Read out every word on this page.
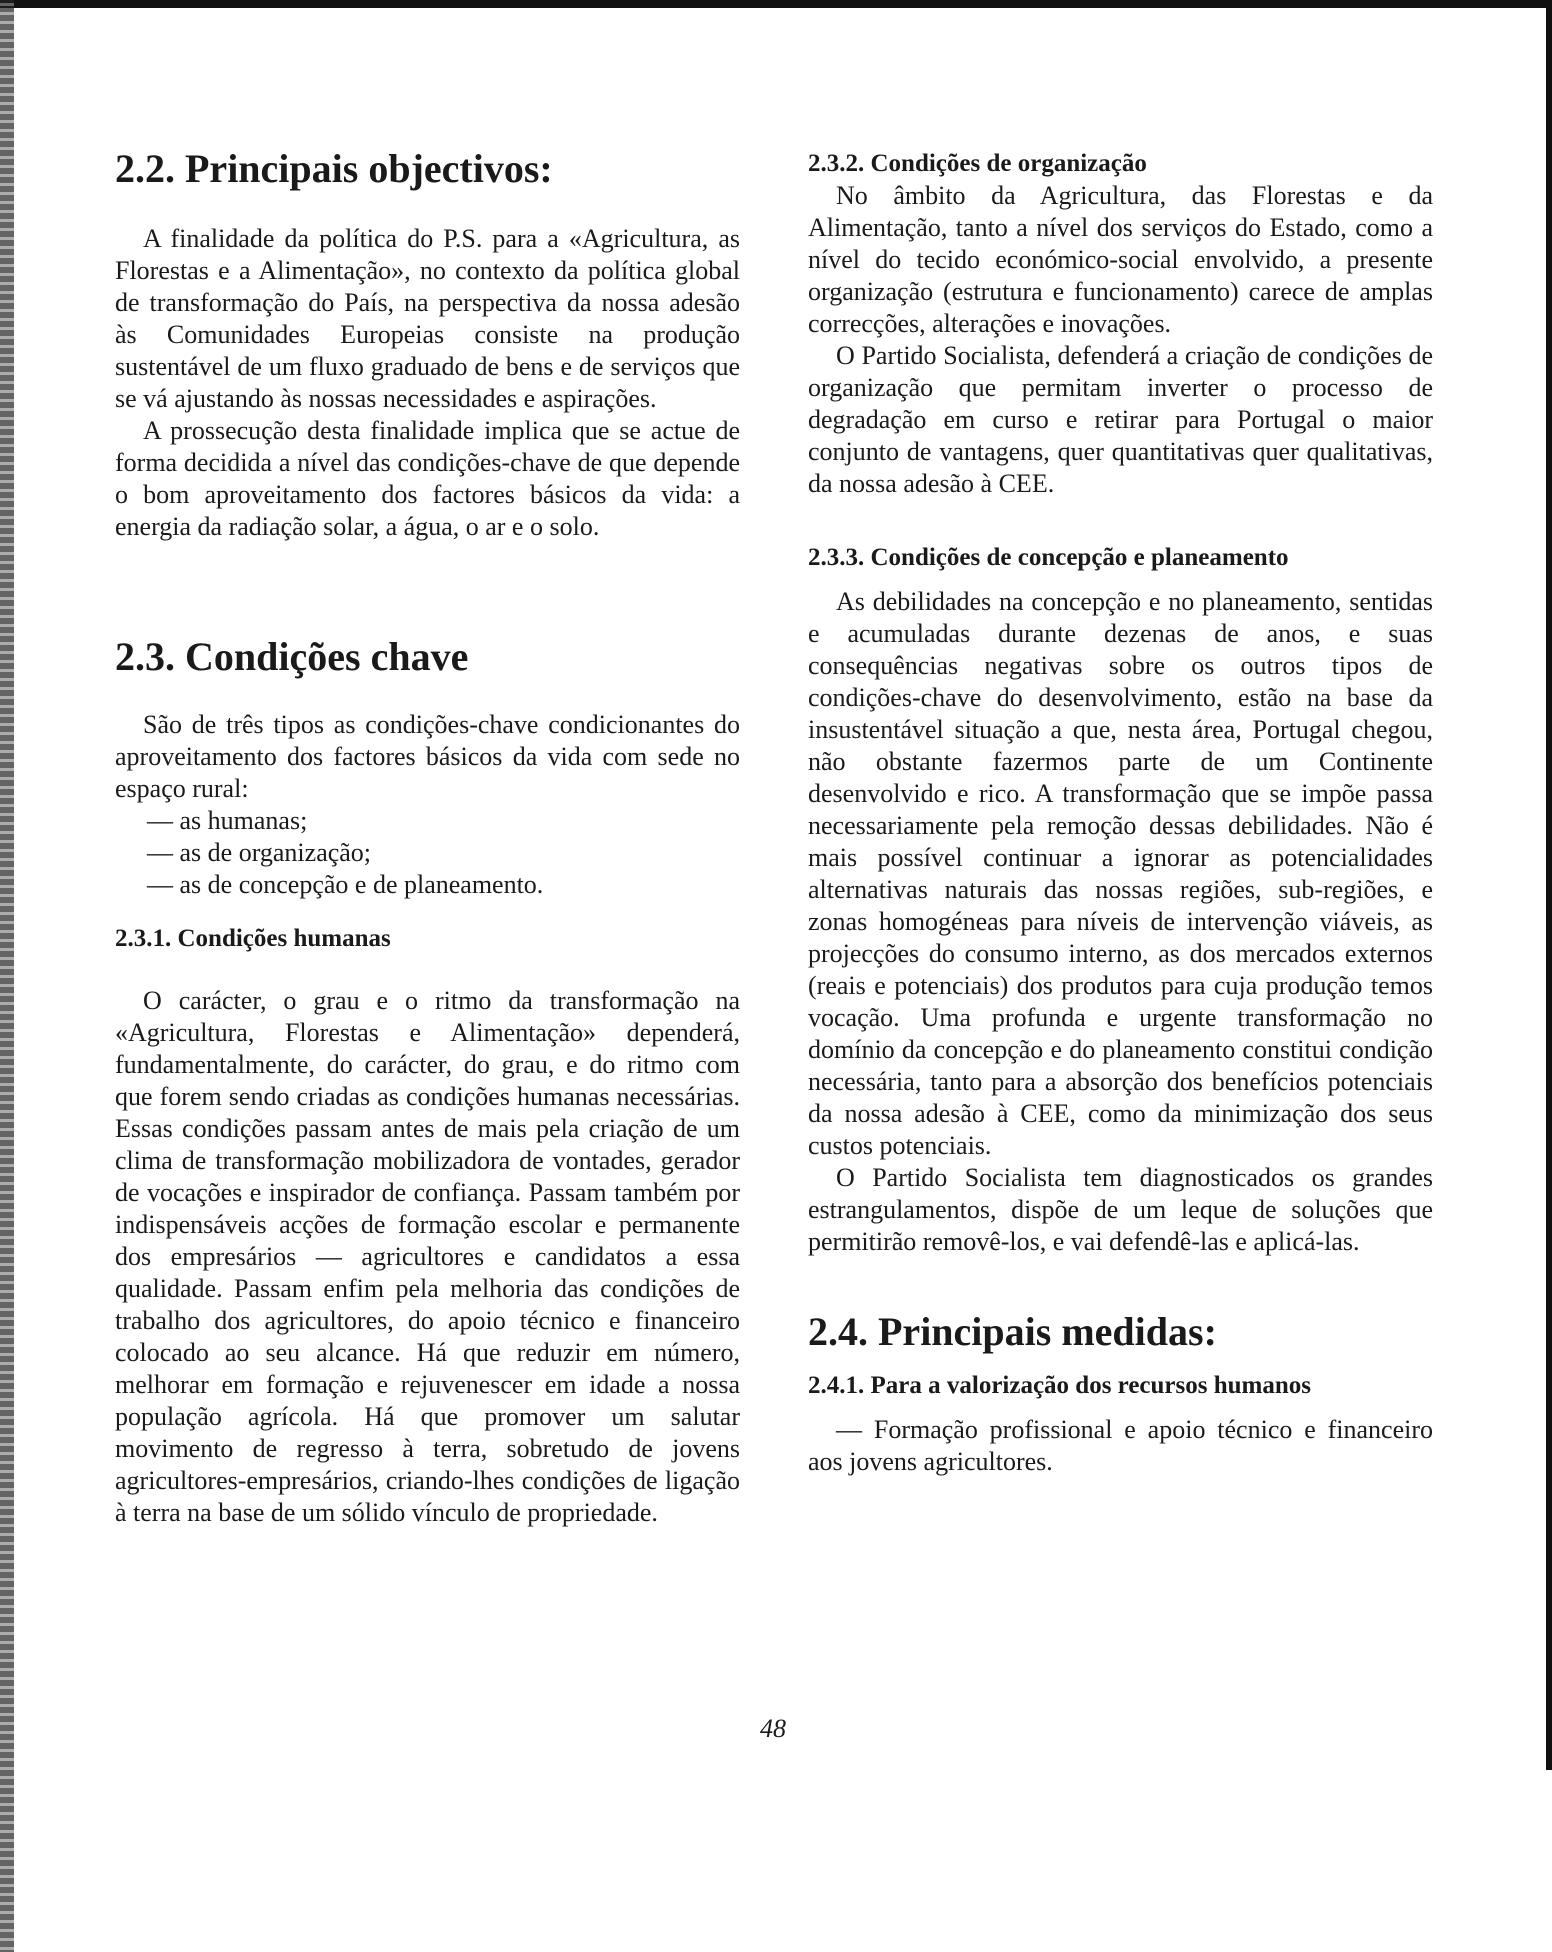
2.2. Principais objectivos:

A finalidade da política do P.S. para a «Agricultura, as Florestas e a Alimentação», no contexto da política global de transformação do País, na perspectiva da nossa adesão às Comunidades Europeias consiste na produção sustentável de um fluxo graduado de bens e de serviços que se vá ajustando às nossas necessidades e aspirações.

A prossecução desta finalidade implica que se actue de forma decidida a nível das condições-chave de que depende o bom aproveitamento dos factores básicos da vida: a energia da radiação solar, a água, o ar e o solo.

2.3. Condições chave

São de três tipos as condições-chave condicionantes do aproveitamento dos factores básicos da vida com sede no espaço rural:

— as humanas;
— as de organização;
— as de concepção e de planeamento.
2.3.1. Condições humanas

O carácter, o grau e o ritmo da transformação na «Agricultura, Florestas e Alimentação» dependerá, fundamentalmente, do carácter, do grau, e do ritmo com que forem sendo criadas as condições humanas necessárias. Essas condições passam antes de mais pela criação de um clima de transformação mobilizadora de vontades, gerador de vocações e inspirador de confiança. Passam também por indispensáveis acções de formação escolar e permanente dos empresários — agricultores e candidatos a essa qualidade. Passam enfim pela melhoria das condições de trabalho dos agricultores, do apoio técnico e financeiro colocado ao seu alcance. Há que reduzir em número, melhorar em formação e rejuvenescer em idade a nossa população agrícola. Há que promover um salutar movimento de regresso à terra, sobretudo de jovens agricultores-empresários, criando-lhes condições de ligação à terra na base de um sólido vínculo de propriedade.

2.3.2. Condições de organização

No âmbito da Agricultura, das Florestas e da Alimentação, tanto a nível dos serviços do Estado, como a nível do tecido económico-social envolvido, a presente organização (estrutura e funcionamento) carece de amplas correcções, alterações e inovações.

O Partido Socialista, defenderá a criação de condições de organização que permitam inverter o processo de degradação em curso e retirar para Portugal o maior conjunto de vantagens, quer quantitativas quer qualitativas, da nossa adesão à CEE.

2.3.3. Condições de concepção e planeamento

As debilidades na concepção e no planeamento, sentidas e acumuladas durante dezenas de anos, e suas consequências negativas sobre os outros tipos de condições-chave do desenvolvimento, estão na base da insustentável situação a que, nesta área, Portugal chegou, não obstante fazermos parte de um Continente desenvolvido e rico. A transformação que se impõe passa necessariamente pela remoção dessas debilidades. Não é mais possível continuar a ignorar as potencialidades alternativas naturais das nossas regiões, sub-regiões, e zonas homogéneas para níveis de intervenção viáveis, as projecções do consumo interno, as dos mercados externos (reais e potenciais) dos produtos para cuja produção temos vocação. Uma profunda e urgente transformação no domínio da concepção e do planeamento constitui condição necessária, tanto para a absorção dos benefícios potenciais da nossa adesão à CEE, como da minimização dos seus custos potenciais.

O Partido Socialista tem diagnosticados os grandes estrangulamentos, dispõe de um leque de soluções que permitirão removê-los, e vai defendê-las e aplicá-las.

2.4. Principais medidas:
2.4.1. Para a valorização dos recursos humanos

— Formação profissional e apoio técnico e financeiro aos jovens agricultores.

48
